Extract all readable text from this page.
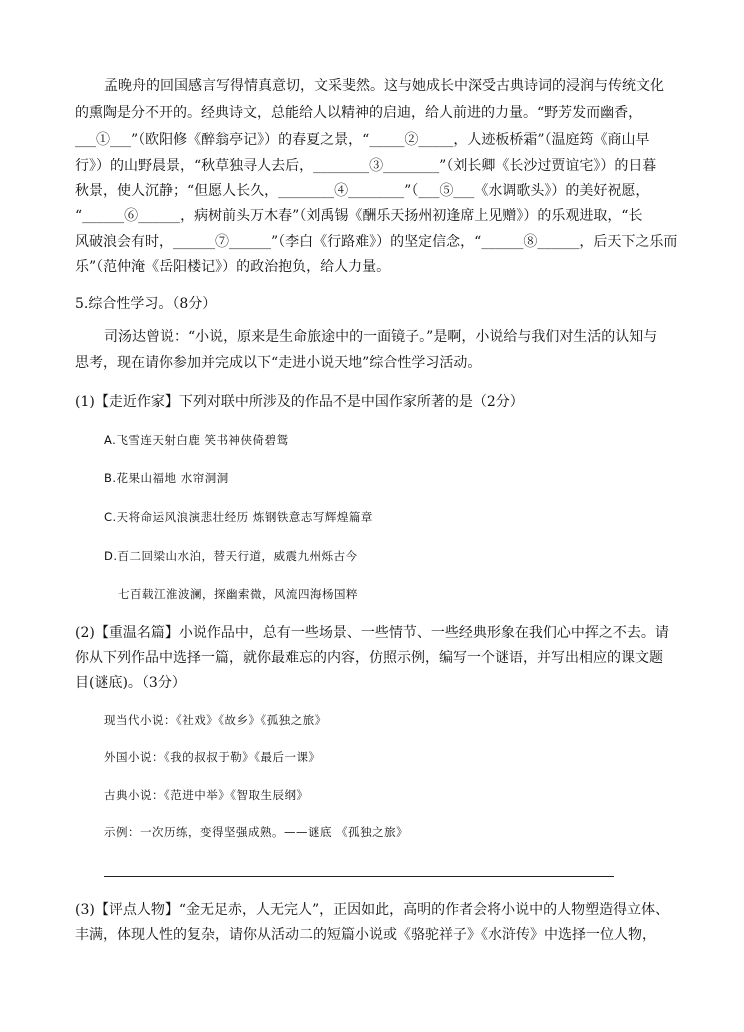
孟晚舟的回国感言写得情真意切，文采斐然。这与她成长中深受古典诗词的浸润与传统文化
的熏陶是分不开的。经典诗文，总能给人以精神的启迪，给人前进的力量。“野芳发而幽香，
___①___”（欧阳修《醉翁亭记》）的春夏之景，“_____②_____，人迹板桥霜”（温庭筠《商山早
行》）的山野晨景，“秋草独寻人去后，________③________”（刘长卿《长沙过贾谊宅》）的日暮
秋景，使人沉静；“但愿人长久，________④________”（___⑤___《水调歌头》）的美好祝愿，
“______⑥______，病树前头万木春”（刘禹锡《酬乐天扬州初逢席上见赠》）的乐观进取，“长
风破浪会有时，______⑦______”（李白《行路难》）的坚定信念，“______⑧______，后天下之乐而
乐”（范仲淹《岳阳楼记》）的政治抱负，给人力量。
5.综合性学习。（8分）
司汤达曾说：“小说，原来是生命旅途中的一面镜子。”是啊，小说给与我们对生活的认知与
思考，现在请你参加并完成以下“走进小说天地”综合性学习活动。
(1)【走近作家】下列对联中所涉及的作品不是中国作家所著的是（2分）
A.飞雪连天射白鹿 笑书神侠倚碧鸳
B.花果山福地 水帘洞洞
C.天将命运风浪演悲壮经历 炼钢铁意志写辉煌篇章
D.百二回梁山水泊，替天行道，威震九州烁古今
七百载江淮波澜，探幽索微，风流四海杨国粹
(2)【重温名篇】小说作品中，总有一些场景、一些情节、一些经典形象在我们心中挥之不去。请
你从下列作品中选择一篇，就你最难忘的内容，仿照示例，编写一个谜语，并写出相应的课文题
目(谜底)。（3分）
现当代小说：《社戏》《故乡》《孤独之旅》
外国小说：《我的叔叔于勒》《最后一课》
古典小说：《范进中举》《智取生辰纲》
示例：一次历练，变得坚强成熟。——谜底 《孤独之旅》
(3)【评点人物】“金无足赤，人无完人”，正因如此，高明的作者会将小说中的人物塑造得立体、
丰满，体现人性的复杂，请你从活动二的短篇小说或《骆驼祥子》《水浒传》中选择一位人物，
